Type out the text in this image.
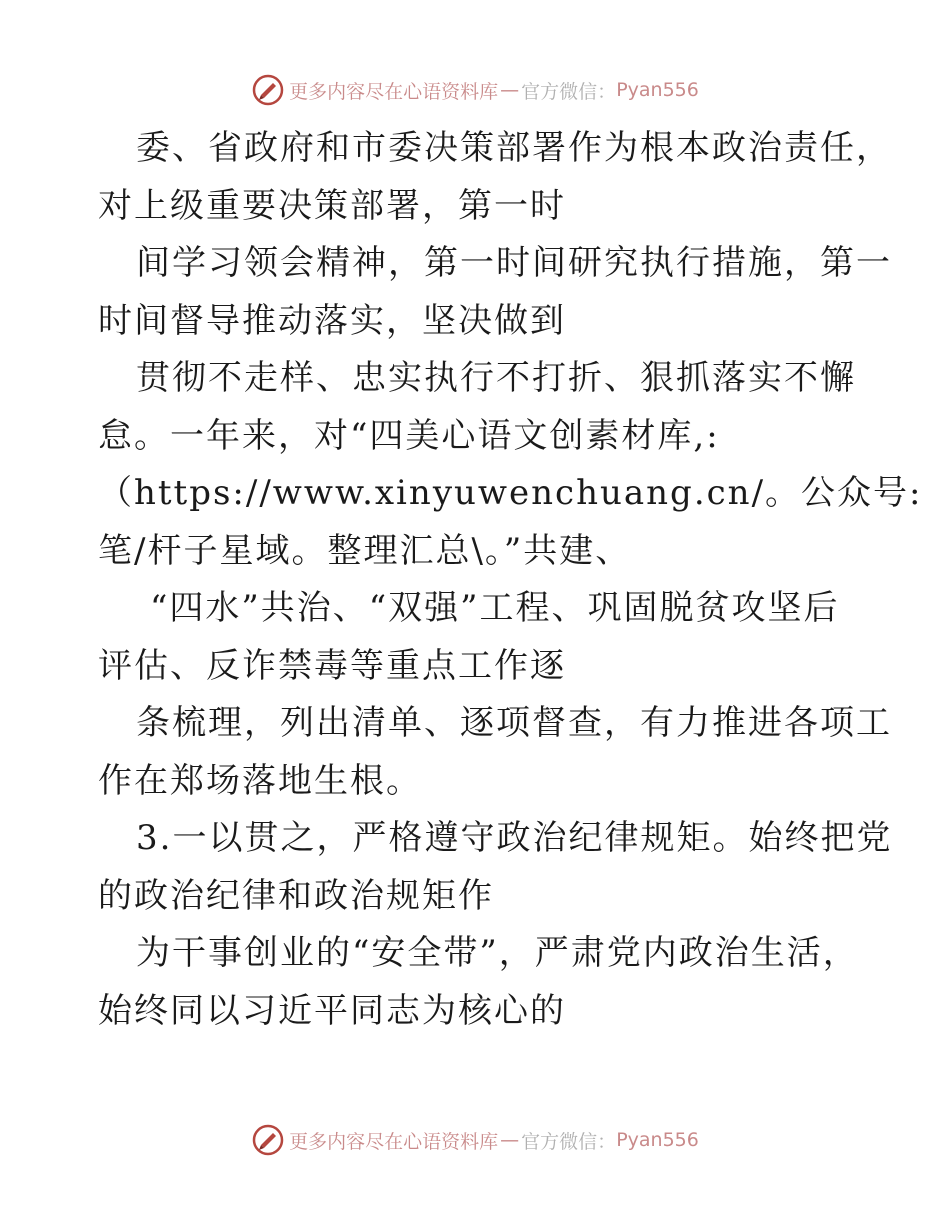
更多内容尽在心语资料库 — 官方微信： Pyan556
委、省政府和市委决策部署作为根本政治责任，
对上级重要决策部署，第一时
间学习领会精神，第一时间研究执行措施，第一
时间督导推动落实，坚决做到
贯彻不走样、忠实执行不打折、狠抓落实不懈
怠。一年来，对“四美心语文创素材库,:
（https://www.xinyuwenchuang.cn/。公众号:
笔/杆子星域。整理汇总\。”共建、
“四水”共治、“双强”工程、巩固脱贫攻坚后
评估、反诈禁毒等重点工作逐
条梳理，列出清单、逐项督查，有力推进各项工
作在郑场落地生根。
3.一以贯之，严格遵守政治纪律规矩。始终把党
的政治纪律和政治规矩作
为干事创业的“安全带”，严肃党内政治生活，
始终同以习近平同志为核心的
更多内容尽在心语资料库 — 官方微信： Pyan556
